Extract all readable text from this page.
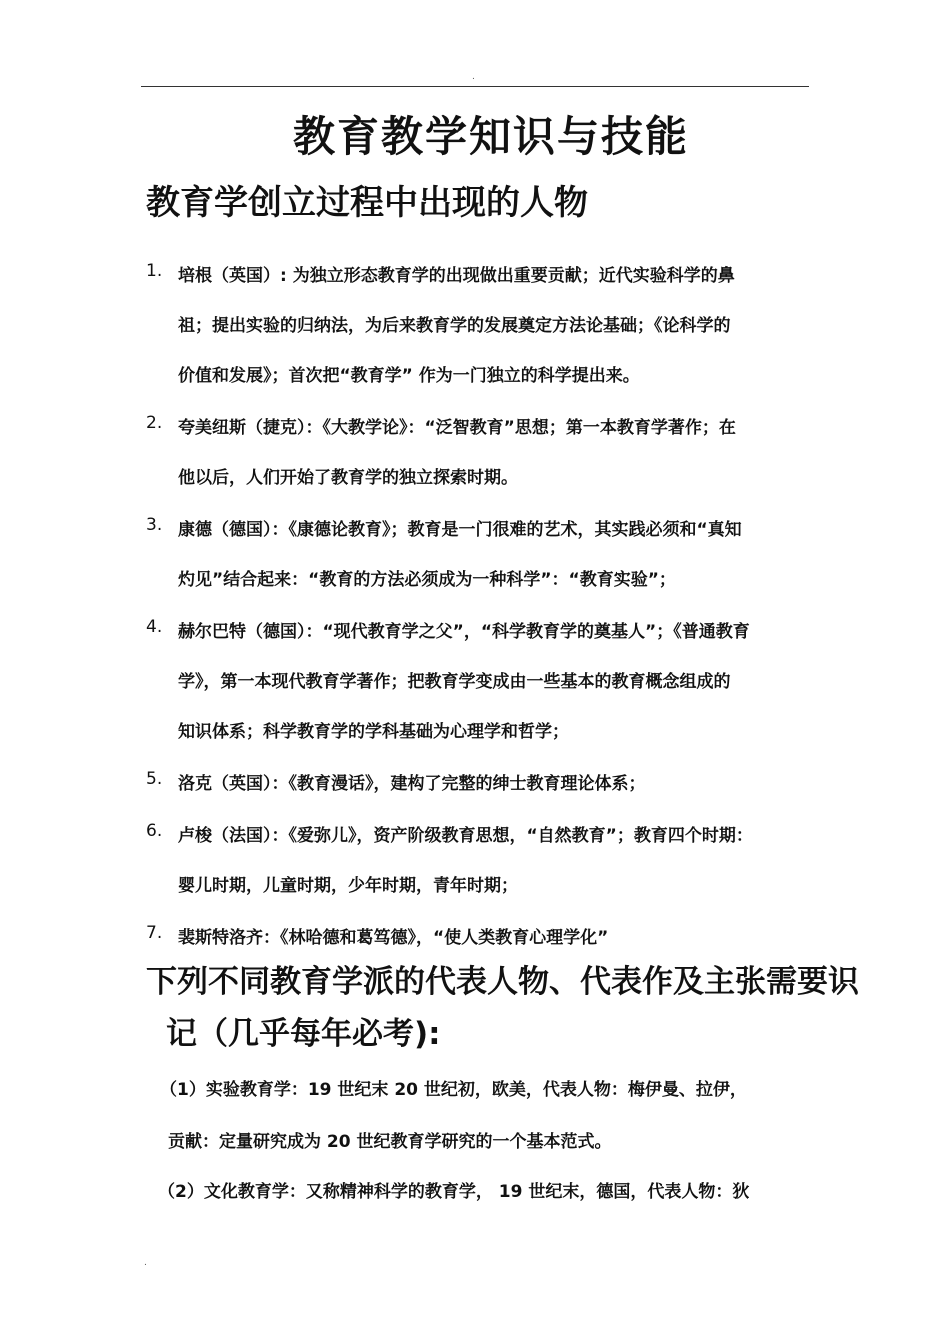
.
教育教学知识与技能
教育学创立过程中出现的人物
1. 培根（英国）: 为独立形态教育学的出现做出重要贡献；近代实验科学的鼻
祖；提出实验的归纳法，为后来教育学的发展奠定方法论基础；《论科学的
价值和发展》；首次把“教育学” 作为一门独立的科学提出来。
2. 夸美纽斯（捷克）：《大教学论》：“泛智教育”思想；第一本教育学著作；在
他以后，人们开始了教育学的独立探索时期。
3. 康德（德国）：《康德论教育》；教育是一门很难的艺术，其实践必须和“真知
灼见”结合起来：“教育的方法必须成为一种科学”：“教育实验”；
4. 赫尔巴特（德国）：“现代教育学之父”，“科学教育学的奠基人”；《普通教育
学》，第一本现代教育学著作；把教育学变成由一些基本的教育概念组成的
知识体系；科学教育学的学科基础为心理学和哲学；
5. 洛克（英国）：《教育漫话》，建构了完整的绅士教育理论体系；
6. 卢梭（法国）：《爱弥儿》，资产阶级教育思想，“自然教育”；教育四个时期：
婴儿时期，儿童时期，少年时期，青年时期；
7. 裴斯特洛齐：《林哈德和葛笃德》，“使人类教育心理学化”
下列不同教育学派的代表人物、代表作及主张需要识
记（几乎每年必考):
（1）实验教育学：19 世纪末 20 世纪初，欧美，代表人物：梅伊曼、拉伊，
贡献：定量研究成为 20 世纪教育学研究的一个基本范式。
（2）文化教育学：又称精神科学的教育学， 19 世纪末，德国，代表人物：狄
.
